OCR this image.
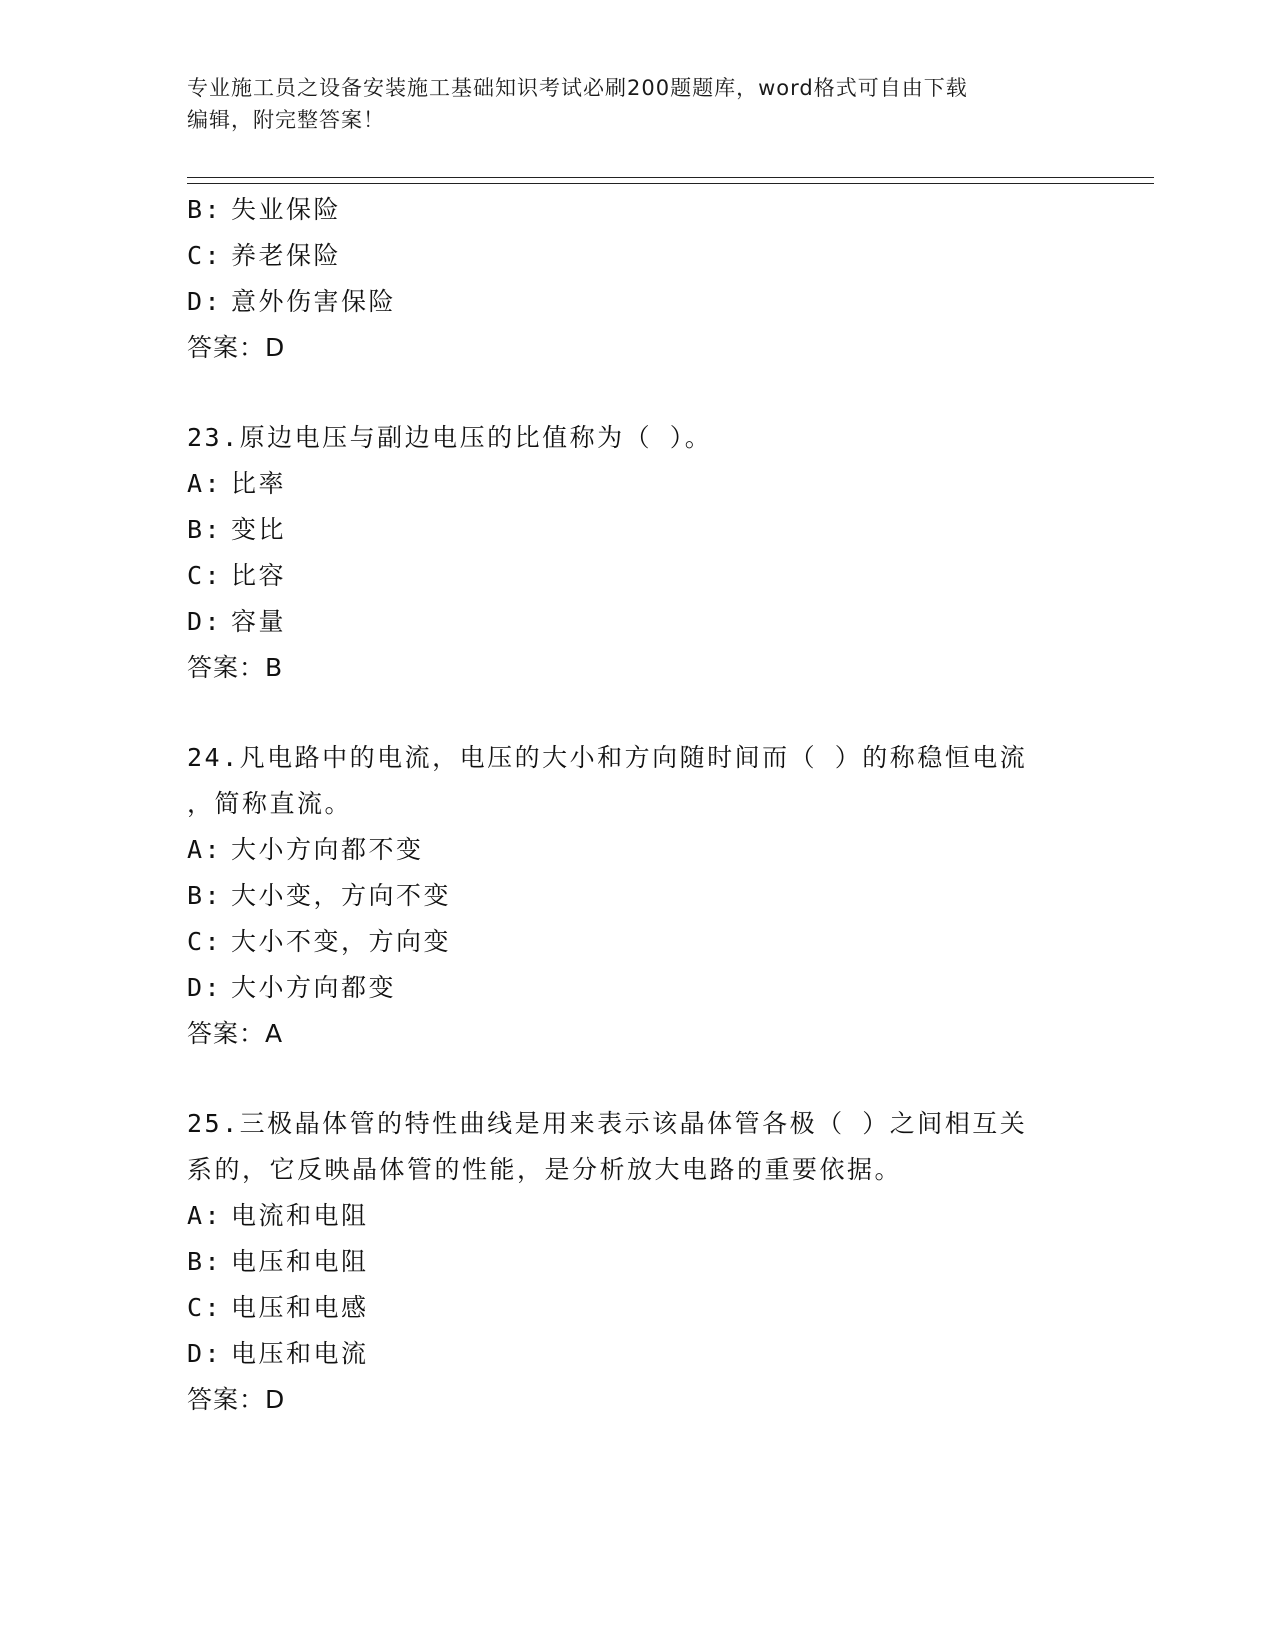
专业施工员之设备安装施工基础知识考试必刷200题题库，word格式可自由下载
编辑，附完整答案！
B: 失业保险
C: 养老保险
D: 意外伤害保险
答案：D
23.原边电压与副边电压的比值称为（ ）。
A: 比率
B: 变比
C: 比容
D: 容量
答案：B
24.凡电路中的电流，电压的大小和方向随时间而（ ）的称稳恒电流
，简称直流。
A: 大小方向都不变
B: 大小变，方向不变
C: 大小不变，方向变
D: 大小方向都变
答案：A
25.三极晶体管的特性曲线是用来表示该晶体管各极（ ）之间相互关
系的，它反映晶体管的性能，是分析放大电路的重要依据。
A: 电流和电阻
B: 电压和电阻
C: 电压和电感
D: 电压和电流
答案：D
